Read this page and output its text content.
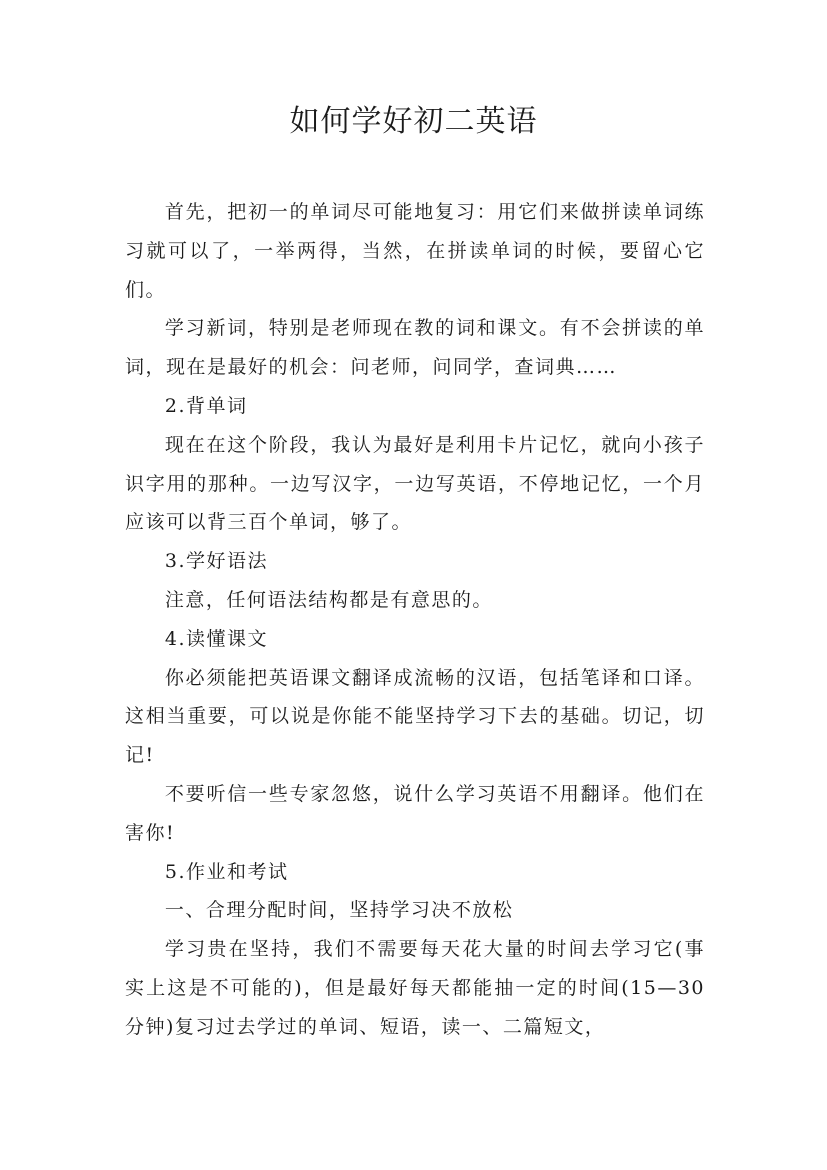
如何学好初二英语

首先，把初一的单词尽可能地复习：用它们来做拼读单词练习就可以了，一举两得，当然，在拼读单词的时候，要留心它们。

学习新词，特别是老师现在教的词和课文。有不会拼读的单词，现在是最好的机会：问老师，问同学，查词典……

2.背单词

现在在这个阶段，我认为最好是利用卡片记忆，就向小孩子识字用的那种。一边写汉字，一边写英语，不停地记忆，一个月应该可以背三百个单词，够了。

3.学好语法

注意，任何语法结构都是有意思的。

4.读懂课文

你必须能把英语课文翻译成流畅的汉语，包括笔译和口译。这相当重要，可以说是你能不能坚持学习下去的基础。切记，切记!

不要听信一些专家忽悠，说什么学习英语不用翻译。他们在害你!

5.作业和考试

一、合理分配时间，坚持学习决不放松

学习贵在坚持，我们不需要每天花大量的时间去学习它(事实上这是不可能的)，但是最好每天都能抽一定的时间(15—30分钟)复习过去学过的单词、短语，读一、二篇短文，
